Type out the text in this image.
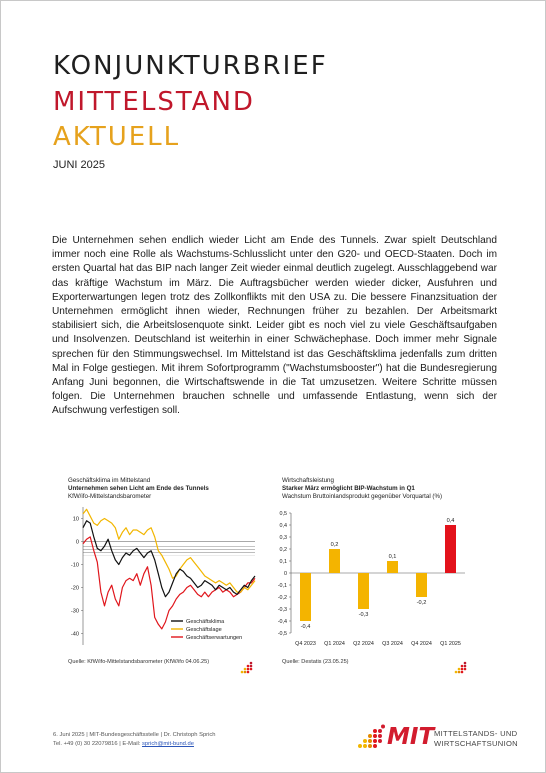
KONJUNKTURBRIEF
MITTELSTAND
AKTUELL
JUNI 2025
Die Unternehmen sehen endlich wieder Licht am Ende des Tunnels. Zwar spielt Deutschland immer noch eine Rolle als Wachstums-Schlusslicht unter den G20- und OECD-Staaten. Doch im ersten Quartal hat das BIP nach langer Zeit wieder einmal deutlich zugelegt. Ausschlaggebend war das kräftige Wachstum im März. Die Auftragsbücher werden wieder dicker, Ausfuhren und Exporterwartungen legen trotz des Zollkonflikts mit den USA zu. Die bessere Finanzsituation der Unternehmen ermöglicht ihnen wieder, Rechnungen früher zu bezahlen. Der Arbeitsmarkt stabilisiert sich, die Arbeitslosenquote sinkt. Leider gibt es noch viel zu viele Geschäftsaufgaben und Insolvenzen. Deutschland ist weiterhin in einer Schwächephase. Doch immer mehr Signale sprechen für den Stimmungswechsel. Im Mittelstand ist das Geschäftsklima jedenfalls zum dritten Mal in Folge gestiegen. Mit ihrem Sofortprogramm ("Wachstumsbooster") hat die Bundesregierung Anfang Juni begonnen, die Wirtschaftswende in die Tat umzusetzen. Weitere Schritte müssen folgen. Die Unternehmen brauchen schnelle und umfassende Entlastung, wenn sich der Aufschwung verfestigen soll.
Geschäftsklima im Mittelstand
Unternehmen sehen Licht am Ende des Tunnels
KfW/ifo-Mittelstandsbarometer
10
0
-10
-20
-30
-40
Geschäftsklima
Geschäftslage
Geschäftserwartungen
Quelle: KfW/ifo-Mittelstandsbarometer (KfW/ifo 04.06.25)
Wirtschaftsleistung
Starker März ermöglicht BIP-Wachstum in Q1
Wachstum Bruttoinlandsprodukt gegenüber Vorquartal (%)
0,5
0,4
0,3
0,2
0,1
0
-0,1
-0,2
-0,3
-0,4
-0,5
-0,4
Q4 2023
0,2
Q1 2024
-0,3
Q2 2024
0,1
Q3 2024
-0,2
Q4 2024
0,4
Q1 2025
Quelle: Destatis (23.05.25)
6. Juni 2025 | MIT-Bundesgeschäftsstelle | Dr. Christoph Sprich
Tel. +49 (0) 30 22079816 | E-Mail: sprich@mit-bund.de	MIT MITTELSTANDS- UND
WIRTSCHAFTSUNION
